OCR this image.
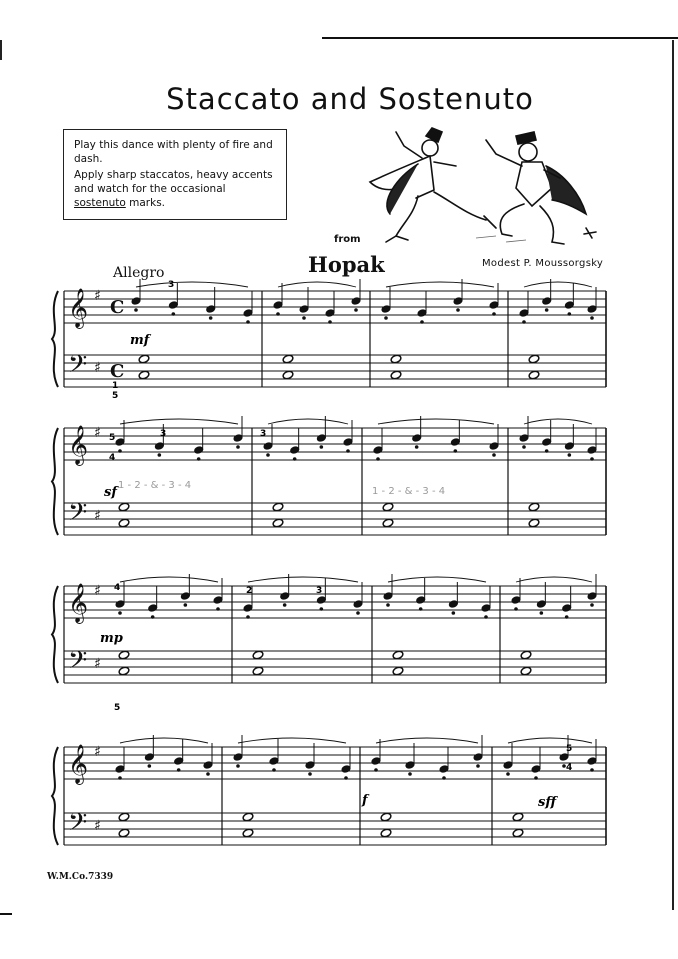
Staccato and Sostenuto

Play this dance with plenty of fire and dash.

Apply sharp staccatos, heavy accents and watch for the occasional sostenuto marks.

from
Hopak	Modest P. Moussorgsky
Allegro
𝄞
𝄢
♯
♯
C
C
𝄞
𝄢
♯
♯
𝄞
𝄢
♯
♯
𝄞
𝄢
♯
♯
mf
3
1
5
sf
5	3
4
3
1 - 2 - & - 3 - 4
1 - 2 - & - 3 - 4
mp
4	2	3
5
f	sff
5
4
W.M.Co.7339
